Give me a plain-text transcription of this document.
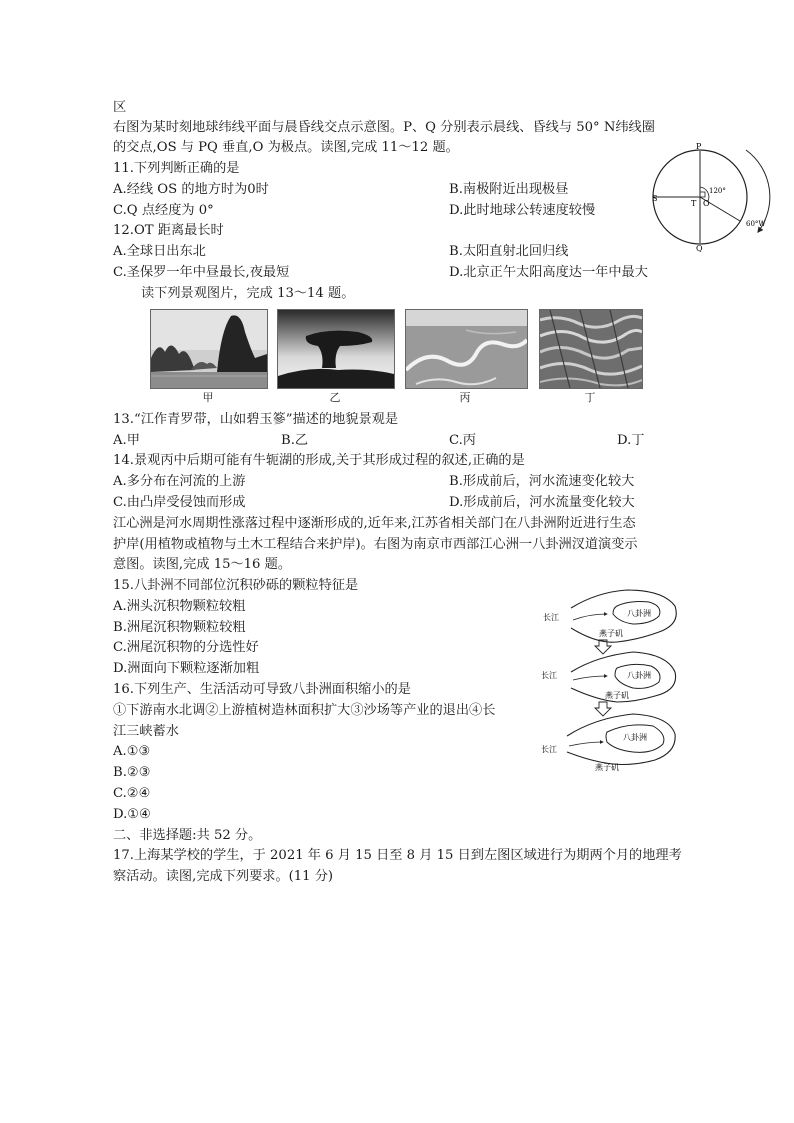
区
右图为某时刻地球纬线平面与晨昏线交点示意图。P、Q 分别表示晨线、昏线与 50° N纬线圈
的交点,OS 与 PQ 垂直,O 为极点。读图,完成 11～12 题。
11.下列判断正确的是
A.经线 OS 的地方时为0时	B.南极附近出现极昼
C.Q 点经度为 0°	D.此时地球公转速度较慢
12.OT 距离最长时
A.全球日出东北	B.太阳直射北回归线
C.圣保罗一年中昼最长,夜最短	D.北京正午太阳高度达一年中最大
读下列景观图片，完成 13～14 题。
P
Q
S
T O
120°
60°W
甲	乙	丙	丁
13.“江作青罗带，山如碧玉篸”描述的地貌景观是
A.甲	B.乙	C.丙	D.丁
14.景观丙中后期可能有牛轭湖的形成,关于其形成过程的叙述,正确的是
A.多分布在河流的上游	B.形成前后，河水流速变化较大
C.由凸岸受侵蚀而形成	D.形成前后，河水流量变化较大
江心洲是河水周期性涨落过程中逐渐形成的,近年来,江苏省相关部门在八卦洲附近进行生态
护岸(用植物或植物与土木工程结合来护岸)。右图为南京市西部江心洲一八卦洲汊道演变示
意图。读图,完成 15～16 题。
15.八卦洲不同部位沉积砂砾的颗粒特征是
A.洲头沉积物颗粒较粗
B.洲尾沉积物颗粒较粗
C.洲尾沉积物的分选性好
D.洲面向下颗粒逐渐加粗
16.下列生产、生活活动可导致八卦洲面积缩小的是
①下游南水北调②上游植树造林面积扩大③沙场等产业的退出④长
江三峡蓄水
A.①③
B.②③
C.②④
D.①④
长江	八卦洲
燕子矶
长江	八卦洲
燕子矶
长江
八卦洲
燕子矶
二、非选择题:共 52 分。
17.上海某学校的学生，于 2021 年 6 月 15 日至 8 月 15 日到左图区域进行为期两个月的地理考
察活动。读图,完成下列要求。(11 分)
